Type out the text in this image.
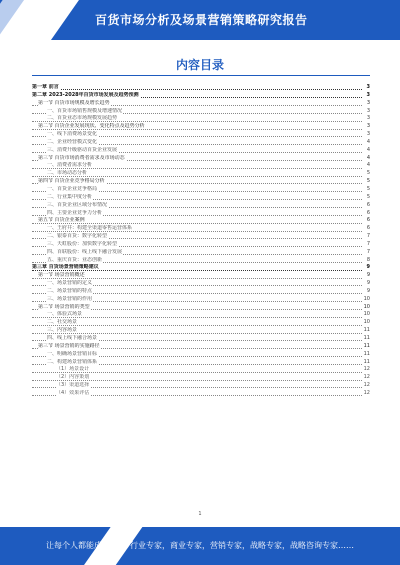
百货市场分析及场景营销策略研究报告
内容目录
第一章 前言	3
第二章 2023-2028年百货市场发展及趋势预测	3
第一节 百货市场规模及增长趋势	3
一、百货市场销售规模及增速情况	3
二、百货业态市场规模发展趋势	3
第二节 百货企业发展现状、变化特点及趋势分析	3
一、线下消费场景变化	3
二、企业经营模式变化	4
三、消费升级驱动百货企业发展	4
第三节 百货市场消费者需求及市场动态	4
一、消费者需求分析	4
二、市场动态分析	5
第四节 百货企业竞争格局分析	5
一、百货企业竞争格局	5
二、行业集中度分析	5
三、百货企业区域分布情况	6
四、主要企业竞争力分析	6
第五节 百货企业案例	6
一、王府井：构建全渠道零售运营体系	6
二、银泰百货：数字化转型	7
三、天虹股份：加快数字化转型	7
四、百联股份：线上线下融合发展	7
五、重庆百货：业态创新	8
第三章 百货场景营销策略建议	9
第一节 场景营销概述	9
一、场景营销的定义	9
二、场景营销的特点	9
三、场景营销的作用	10
第二节 场景营销的类型	10
一、体验式场景	10
二、社交场景	10
三、内容场景	11
四、线上线下融合场景	11
第三节 场景营销的实施路径	11
一、明确场景营销目标	11
二、构建场景营销体系	11
（1）场景设计	12
（2）内容策划	12
（3）渠道选择	12
（4）效果评估	12
1
让每个人都能成为	行业专家，商业专家，营销专家，战略专家，战略咨询专家……
